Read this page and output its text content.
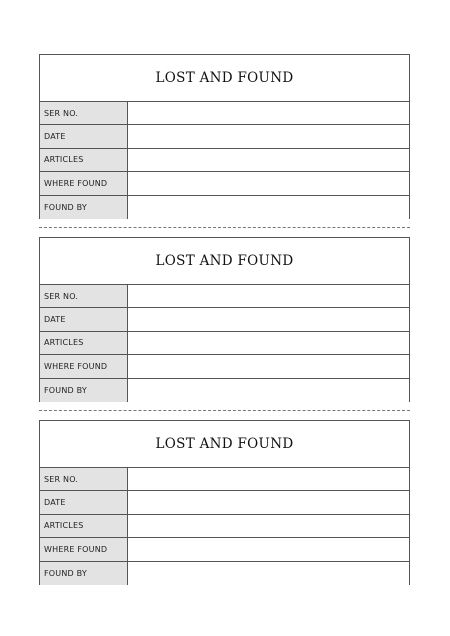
LOST AND FOUND
SER NO.
DATE
ARTICLES
WHERE FOUND
FOUND BY
LOST AND FOUND
SER NO.
DATE
ARTICLES
WHERE FOUND
FOUND BY
LOST AND FOUND
SER NO.
DATE
ARTICLES
WHERE FOUND
FOUND BY
